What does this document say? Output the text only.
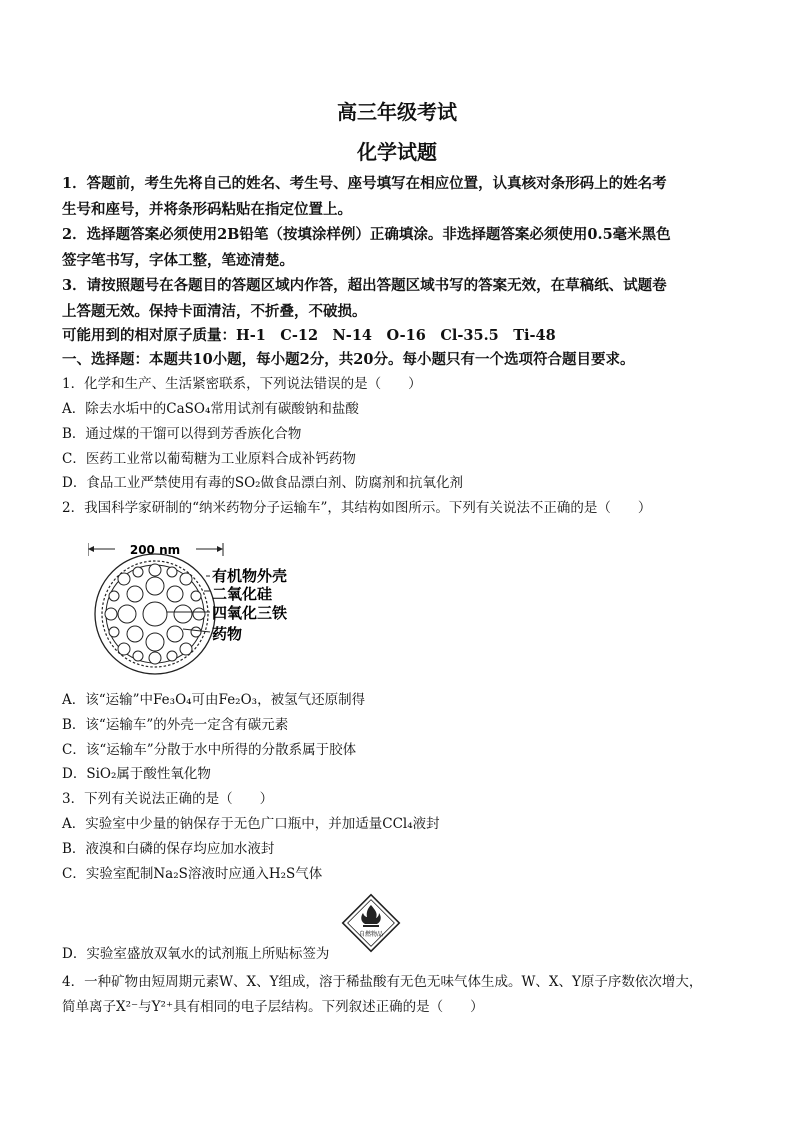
高三年级考试
化学试题
1．答题前，考生先将自己的姓名、考生号、座号填写在相应位置，认真核对条形码上的姓名考
生号和座号，并将条形码粘贴在指定位置上。
2．选择题答案必须使用2B铅笔（按填涂样例）正确填涂。非选择题答案必须使用0.5毫米黑色
签字笔书写，字体工整，笔迹清楚。
3．请按照题号在各题目的答题区域内作答，超出答题区域书写的答案无效，在草稿纸、试题卷
上答题无效。保持卡面清洁，不折叠，不破损。
可能用到的相对原子质量：H-1　C-12　N-14　O-16　Cl-35.5　Ti-48
一、选择题：本题共10小题，每小题2分，共20分。每小题只有一个选项符合题目要求。
1．化学和生产、生活紧密联系，下列说法错误的是（　　）
A．除去水垢中的CaSO₄常用试剂有碳酸钠和盐酸
B．通过煤的干馏可以得到芳香族化合物
C．医药工业常以葡萄糖为工业原料合成补钙药物
D．食品工业严禁使用有毒的SO₂做食品漂白剂、防腐剂和抗氧化剂
2．我国科学家研制的“纳米药物分子运输车”，其结构如图所示。下列有关说法不正确的是（　　）
200 nm
有机物外壳
二氧化硅
四氧化三铁
药物
A．该“运输”中Fe₃O₄可由Fe₂O₃，被氢气还原制得
B．该“运输车”的外壳一定含有碳元素
C．该“运输车”分散于水中所得的分散系属于胶体
D．SiO₂属于酸性氧化物
3．下列有关说法正确的是（　　）
A．实验室中少量的钠保存于无色广口瓶中，并加适量CCl₄液封
B．液溴和白磷的保存均应加水液封
C．实验室配制Na₂S溶液时应通入H₂S气体
自燃物品
D．实验室盛放双氧水的试剂瓶上所贴标签为
4．一种矿物由短周期元素W、X、Y组成，溶于稀盐酸有无色无味气体生成。W、X、Y原子序数依次增大，
简单离子X²⁻与Y²⁺具有相同的电子层结构。下列叙述正确的是（　　）
